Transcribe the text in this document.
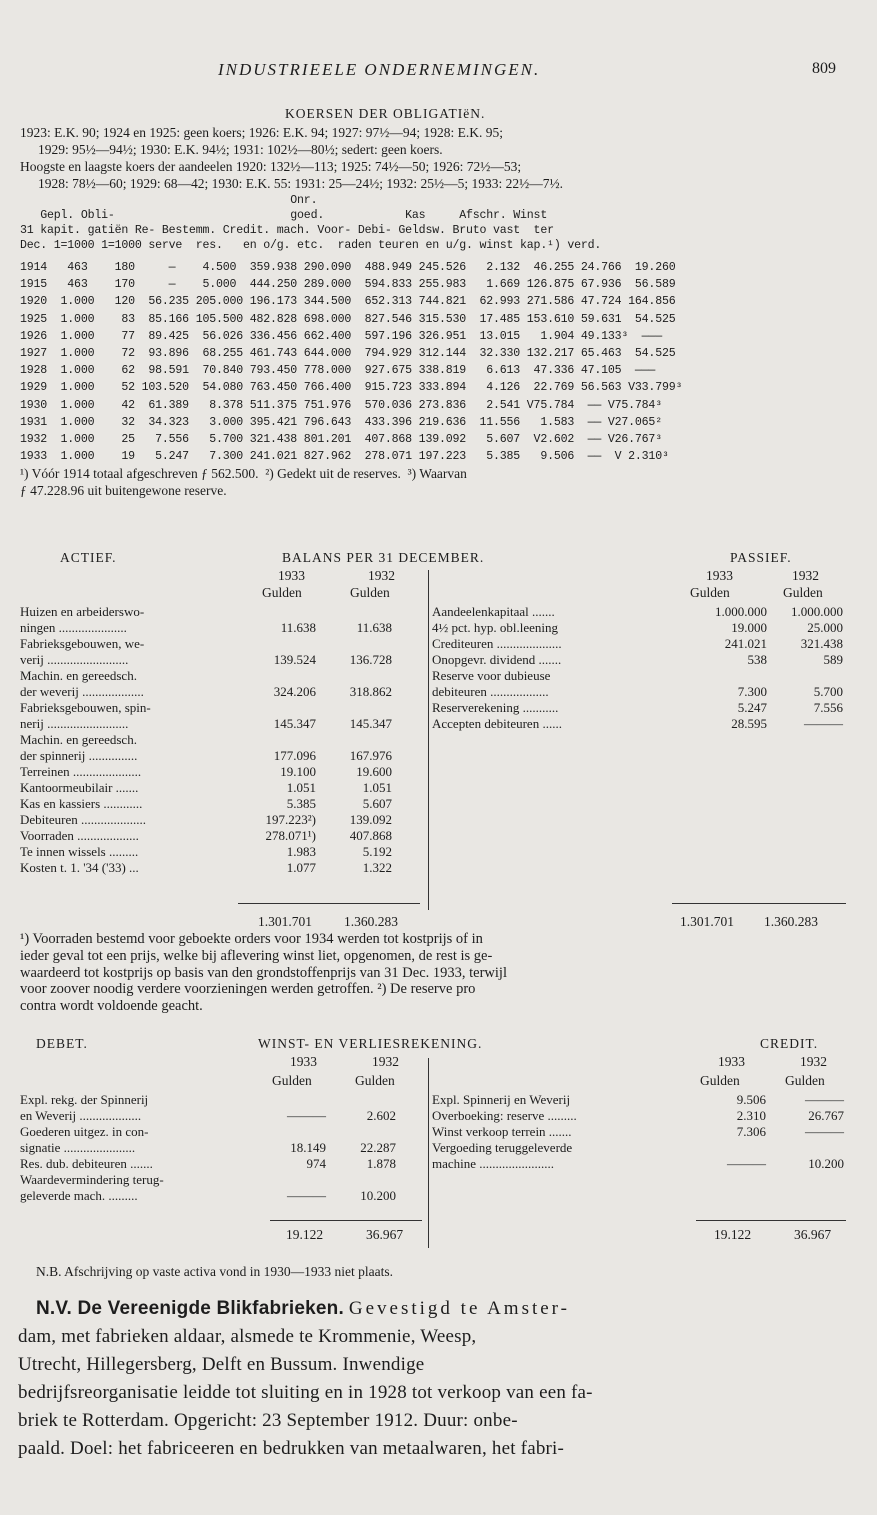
INDUSTRIEELE ONDERNEMINGEN.	809
KOERSEN DER OBLIGATIëN.
1923: E.K. 90; 1924 en 1925: geen koers; 1926: E.K. 94; 1927: 97½—94; 1928: E.K. 95;
1929: 95½—94½; 1930: E.K. 94½; 1931: 102½—80½; sedert: geen koers.
Hoogste en laagste koers der aandeelen 1920: 132½—113; 1925: 74½—50; 1926: 72½—53;
1928: 78½—60; 1929: 68—42; 1930: E.K. 55: 1931: 25—24½; 1932: 25½—5; 1933: 22½—7½.
Onr.
Gepl. Obli-                          goed.            Kas     Afschr. Winst
31 kapit. gatiën Re- Bestemm. Credit. mach. Voor- Debi- Geldsw. Bruto vast  ter
Dec. 1=1000 1=1000 serve  res.   en o/g. etc.  raden teuren en u/g. winst kap.¹) verd.
1914   463    180     —    4.500  359.938 290.090  488.949 245.526   2.132  46.255 24.766  19.260
1915   463    170     —    5.000  444.250 289.000  594.833 255.983   1.669 126.875 67.936  56.589
1920  1.000   120  56.235 205.000 196.173 344.500  652.313 744.821  62.993 271.586 47.724 164.856
1925  1.000    83  85.166 105.500 482.828 698.000  827.546 315.530  17.485 153.610 59.631  54.525
1926  1.000    77  89.425  56.026 336.456 662.400  597.196 326.951  13.015   1.904 49.133³  ———
1927  1.000    72  93.896  68.255 461.743 644.000  794.929 312.144  32.330 132.217 65.463  54.525
1928  1.000    62  98.591  70.840 793.450 778.000  927.675 338.819   6.613  47.336 47.105  ———
1929  1.000    52 103.520  54.080 763.450 766.400  915.723 333.894   4.126  22.769 56.563 V33.799³
1930  1.000    42  61.389   8.378 511.375 751.976  570.036 273.836   2.541 V75.784  —— V75.784³
1931  1.000    32  34.323   3.000 395.421 796.643  433.396 219.636  11.556   1.583  —— V27.065²
1932  1.000    25   7.556   5.700 321.438 801.201  407.868 139.092   5.607  V2.602  —— V26.767³
1933  1.000    19   5.247   7.300 241.021 827.962  278.071 197.223   5.385   9.506  ——  V 2.310³
¹) Vóór 1914 totaal afgeschreven ƒ 562.500.  ²) Gedekt uit de reserves.  ³) Waarvan
ƒ 47.228.96 uit buitengewone reserve.
ACTIEF.	BALANS PER 31 DECEMBER.	PASSIEF.
1933	1932
Gulden	Gulden
1933	1932
Gulden	Gulden
Huizen en arbeiderswo-		
ningen .....................	11.638	11.638
Fabrieksgebouwen, we-		
verij .........................	139.524	136.728
Machin. en gereedsch.		
der weverij ...................	324.206	318.862
Fabrieksgebouwen, spin-		
nerij .........................	145.347	145.347
Machin. en gereedsch.		
der spinnerij ...............	177.096	167.976
Terreinen .....................	19.100	19.600
Kantoormeubilair .......	1.051	1.051
Kas en kassiers ............	5.385	5.607
Debiteuren ....................	197.223²)	139.092
Voorraden ...................	278.071¹)	407.868
Te innen wissels .........	1.983	5.192
Kosten t. 1. '34 ('33) ...	1.077	1.322
Aandeelenkapitaal .......	1.000.000	1.000.000
4½ pct. hyp. obl.leening	19.000	25.000
Crediteuren ....................	241.021	321.438
Onopgevr. dividend .......	538	589
Reserve voor dubieuse		
debiteuren ..................	7.300	5.700
Reserverekening ...........	5.247	7.556
Accepten debiteuren ......	28.595	———
1.301.701 1.360.283	1.301.701 1.360.283
¹) Voorraden bestemd voor geboekte orders voor 1934 werden tot kostprijs of in
ieder geval tot een prijs, welke bij aflevering winst liet, opgenomen, de rest is ge-
waardeerd tot kostprijs op basis van den grondstoffenprijs van 31 Dec. 1933, terwijl
voor zoover noodig verdere voorzieningen werden getroffen. ²) De reserve pro
contra wordt voldoende geacht.
DEBET.	WINST- EN VERLIESREKENING.	CREDIT.
1933	1932
Gulden	Gulden
1933	1932
Gulden	Gulden
Expl. rekg. der Spinnerij		
en Weverij ...................	———	2.602
Goederen uitgez. in con-		
signatie ......................	18.149	22.287
Res. dub. debiteuren .......	974	1.878
Waardevermindering terug-		
geleverde mach. .........	———	10.200
Expl. Spinnerij en Weverij	9.506	———
Overboeking: reserve .........	2.310	26.767
Winst verkoop terrein .......	7.306	———
Vergoeding teruggeleverde		
machine .......................	———	10.200
19.122	36.967	19.122	36.967
N.B. Afschrijving op vaste activa vond in 1930—1933 niet plaats.
N.V. De Vereenigde Blikfabrieken. Gevestigd te Amster-
dam, met fabrieken aldaar, alsmede te Krommenie, Weesp,
Utrecht, Hillegersberg, Delft en Bussum. Inwendige
bedrijfsreorganisatie leidde tot sluiting en in 1928 tot verkoop van een fa-
briek te Rotterdam. Opgericht: 23 September 1912. Duur: onbe-
paald. Doel: het fabriceeren en bedrukken van metaalwaren, het fabri-
